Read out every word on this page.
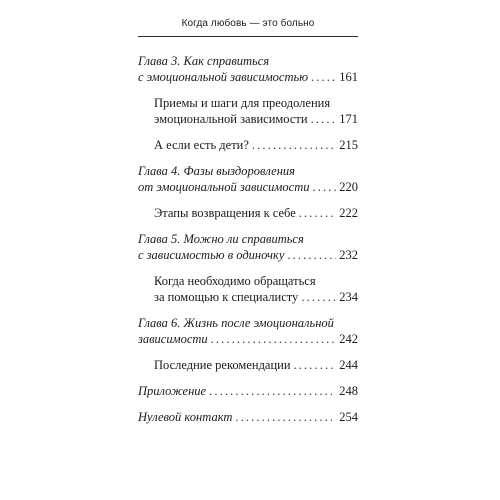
Когда любовь — это больно
Глава 3. Как справиться
с эмоциональной зависимостью . . . 161
Приемы и шаги для преодоления
эмоциональной зависимости . . .	171
А если есть дети? . . .	215
Глава 4. Фазы выздоровления
от эмоциональной зависимости . . . 220
Этапы возвращения к себе . . .	222
Глава 5. Можно ли справиться
с зависимостью в одиночку . . .	232
Когда необходимо обращаться
за помощью к специалисту . . .	234
Глава 6. Жизнь после эмоциональной
зависимости . . .	242
Последние рекомендации . . .	244
Приложение . . .	248
Нулевой контакт . . .	254
